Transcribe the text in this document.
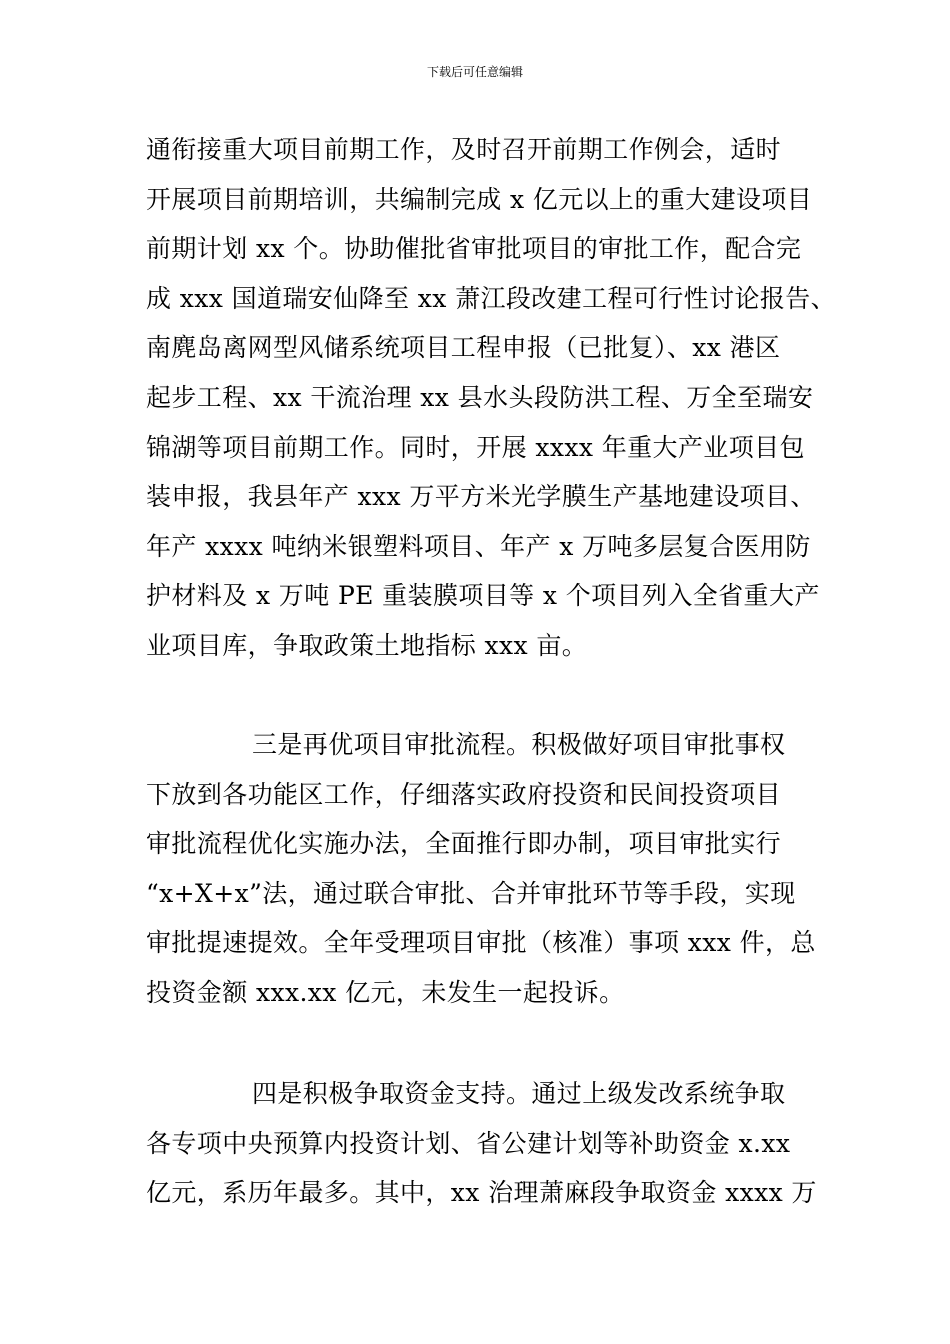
下载后可任意编辑
通衔接重大项目前期工作，及时召开前期工作例会，适时
开展项目前期培训，共编制完成 x 亿元以上的重大建设项目
前期计划 xx 个。协助催批省审批项目的审批工作，配合完
成 xxx 国道瑞安仙降至 xx 萧江段改建工程可行性讨论报告、
南麂岛离网型风储系统项目工程申报（已批复）、xx 港区
起步工程、xx 干流治理 xx 县水头段防洪工程、万全至瑞安
锦湖等项目前期工作。同时，开展 xxxx 年重大产业项目包
装申报，我县年产 xxx 万平方米光学膜生产基地建设项目、
年产 xxxx 吨纳米银塑料项目、年产 x 万吨多层复合医用防
护材料及 x 万吨 PE 重装膜项目等 x 个项目列入全省重大产
业项目库，争取政策土地指标 xxx 亩。
三是再优项目审批流程。积极做好项目审批事权
下放到各功能区工作，仔细落实政府投资和民间投资项目
审批流程优化实施办法，全面推行即办制，项目审批实行
“x+X+x”法，通过联合审批、合并审批环节等手段，实现
审批提速提效。全年受理项目审批（核准）事项 xxx 件，总
投资金额 xxx.xx 亿元，未发生一起投诉。
四是积极争取资金支持。通过上级发改系统争取
各专项中央预算内投资计划、省公建计划等补助资金 x.xx
亿元，系历年最多。其中，xx 治理萧麻段争取资金 xxxx 万
